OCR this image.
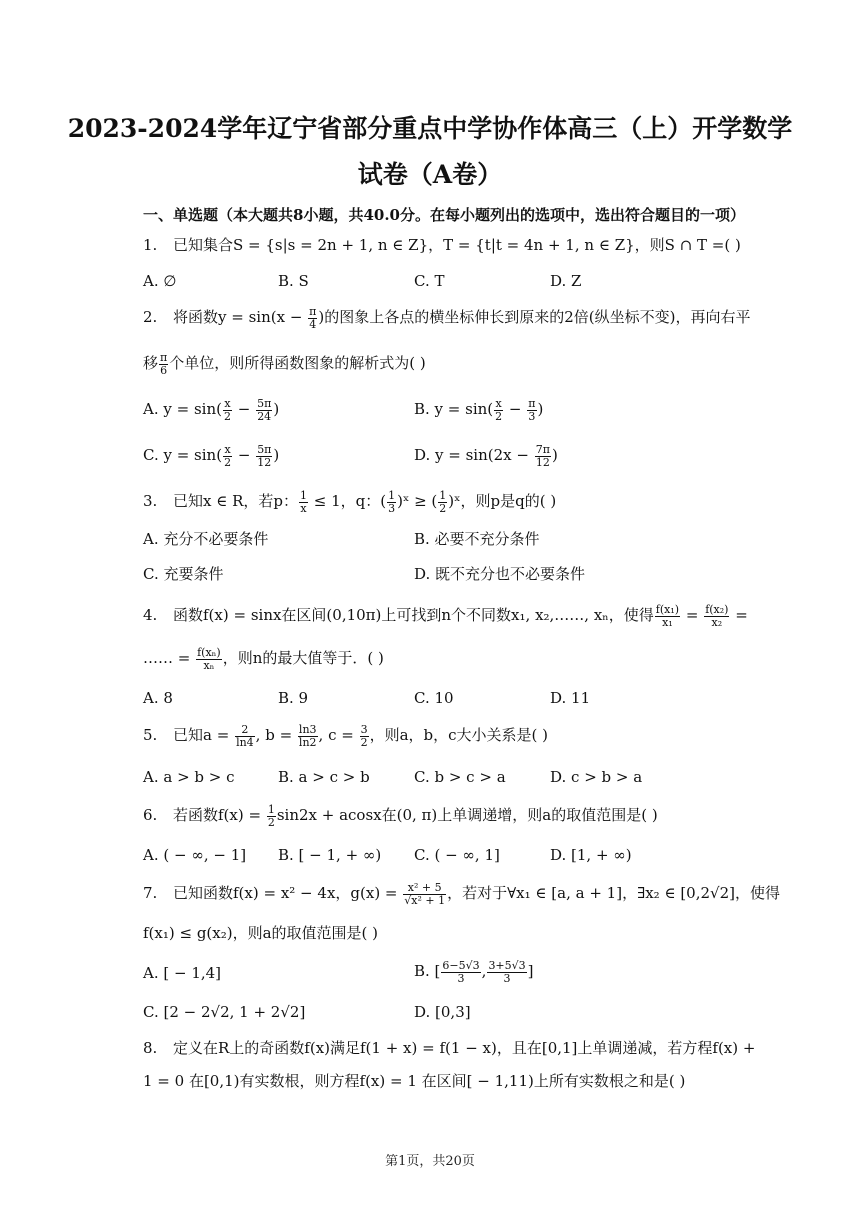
2023-2024学年辽宁省部分重点中学协作体高三（上）开学数学
试卷（A卷）
一、单选题（本大题共8小题，共40.0分。在每小题列出的选项中，选出符合题目的一项）
1. 已知集合S = {s|s = 2n + 1, n ∈ Z}，T = {t|t = 4n + 1, n ∈ Z}，则S ∩ T =( )
A. ∅	B. S	C. T	D. Z
2. 将函数$y = \sin(x - \frac{\pi}{4}$ )的图象上各点的横坐标伸长到原来的2倍(纵坐标不变)，再向右平
移 $\frac{\pi}{6}$ 个单位，则所得函数图象的解析式为( )
A. $y = \sin( \frac{x}{2} - \frac{5\pi}{24}$ )	B. $y = \sin( \frac{x}{2} - \frac{\pi}{3}$ )
C. $y = \sin( \frac{x}{2} - \frac{5\pi}{12}$ )	D. $y = \sin(2x - \frac{7\pi}{12}$ )
3. 已知x ∈ R，若p： $\frac{1}{x} \le 1$，q：( $\frac{1}{3}$ )ˣ ≥ ( $\frac{1}{2}$ )ˣ，则p是q的( )
A. 充分不必要条件	B. 必要不充分条件
C. 充要条件	D. 既不充分也不必要条件
4. 函数f(x) = sinx在区间(0,10π)上可找到n个不同数x₁, x₂,……, xₙ，使得 $\frac{\text{f(x₁)}}{\text{x₁}} = \frac{\text{f(x₂)}}{\text{x₂}}$ =
…… = $\frac{\text{f(xₙ)}}{\text{xₙ}}$ ，则n的最大值等于．( )
A. 8	B. 9	C. 10	D. 11
5. 已知$a = \frac{2}{\ln 4}$ , $b = \frac{\ln 3}{\ln 2}$ , $c = \frac{3}{2}$ ，则a，b，c大小关系是( )
A. a > b > c	B. a > c > b	C. b > c > a	D. c > b > a
6. 若函数$f(x) = \frac{1}{2} \sin 2x + acosx$在(0, π)上单调递增，则a的取值范围是( )
A. ( − ∞, − 1] B. [ − 1, + ∞) C. ( − ∞, 1]	D. [1, + ∞)
7. 已知函数f(x) = x² − 4x，$g(x) = \frac{\text{x² + 5}}{\text{√x² + 1}}$ ，若对于∀x₁ ∈ [a, a + 1]，∃x₂ ∈ [0,2√2]，使得
f(x₁) ≤ g(x₂)，则a的取值范围是( )
A. [ − 1,4]	B. [ $\frac{6-5√3}{3}$ , $\frac{3+5√3}{3}$ ]
C. [2 − 2√2, 1 + 2√2]	D. [0,3]
8. 定义在R上的奇函数f(x)满足f(1 + x) = f(1 − x)，且在[0,1]上单调递减，若方程f(x) +
1 = 0 在[0,1)有实数根，则方程f(x) = 1 在区间[ − 1,11)上所有实数根之和是( )
第1页，共20页
